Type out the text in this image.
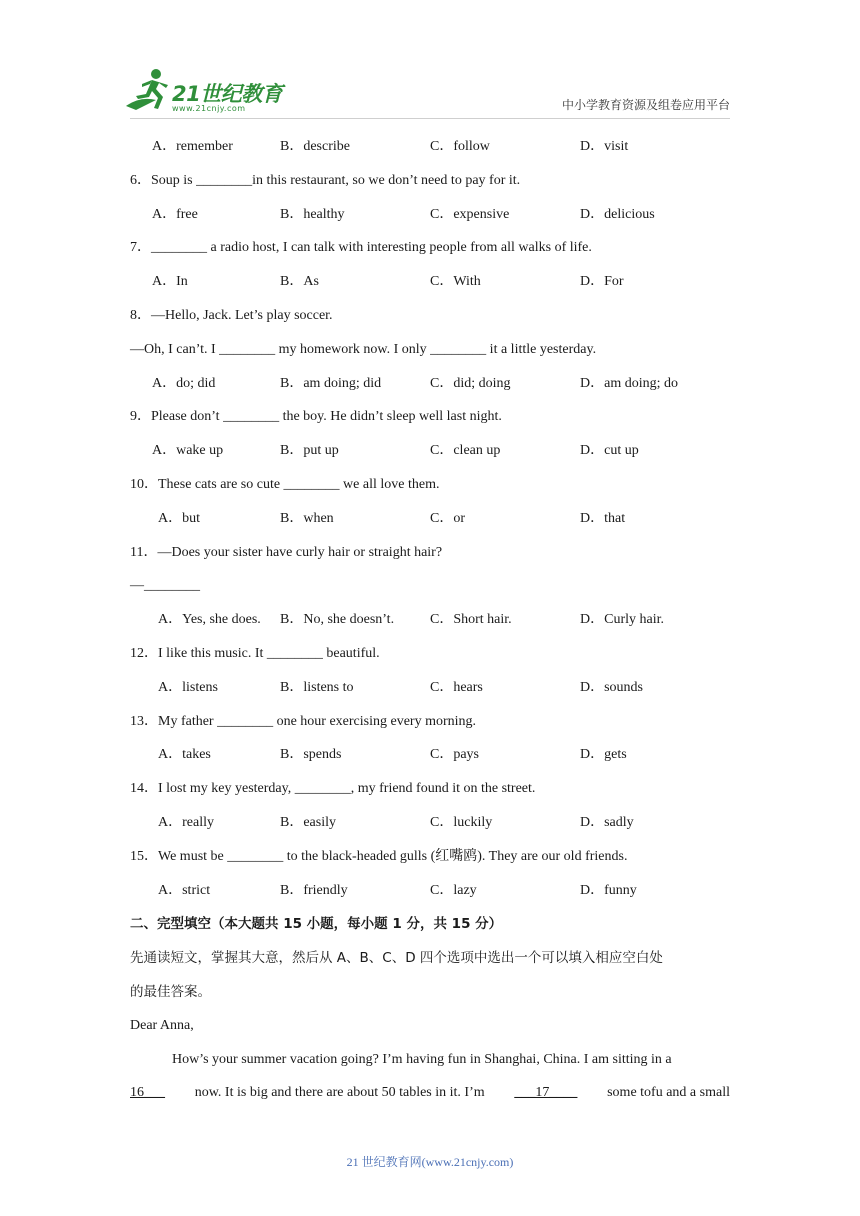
21世纪教育
www.21cnjy.com	中小学教育资源及组卷应用平台
A．remember	B．describe	C．follow	D．visit
6．Soup is ________in this restaurant, so we don’t need to pay for it.
A．free	B．healthy	C．expensive	D．delicious
7．________ a radio host, I can talk with interesting people from all walks of life.
A．In	B．As	C．With	D．For
8．—Hello, Jack. Let’s play soccer.
—Oh, I can’t. I ________ my homework now. I only ________ it a little yesterday.
A．do; did	B．am doing; did	C．did; doing	D．am doing; do
9．Please don’t ________ the boy. He didn’t sleep well last night.
A．wake up	B．put up	C．clean up	D．cut up
10．These cats are so cute ________ we all love them.
A．but	B．when	C．or	D．that
11．—Does your sister have curly hair or straight hair?
—________
A．Yes, she does.	B．No, she doesn’t.	C．Short hair.	D．Curly hair.
12．I like this music. It ________ beautiful.
A．listens	B．listens to	C．hears	D．sounds
13．My father ________ one hour exercising every morning.
A．takes	B．spends	C．pays	D．gets
14．I lost my key yesterday, ________, my friend found it on the street.
A．really	B．easily	C．luckily	D．sadly
15．We must be ________ to the black-headed gulls (红嘴鸥). They are our old friends.
A．strict	B．friendly	C．lazy	D．funny
二、完型填空（本大题共 15 小题，每小题 1 分，共 15 分）
先通读短文，掌握其大意，然后从 A、B、C、D 四个选项中选出一个可以填入相应空白处
的最佳答案。
Dear Anna,
How’s your summer vacation going? I’m having fun in Shanghai, China. I am sitting in a
16___ now. It is big and there are about 50 tables in it. I’m ___17____ some tofu and a small
21 世纪教育网(www.21cnjy.com)
